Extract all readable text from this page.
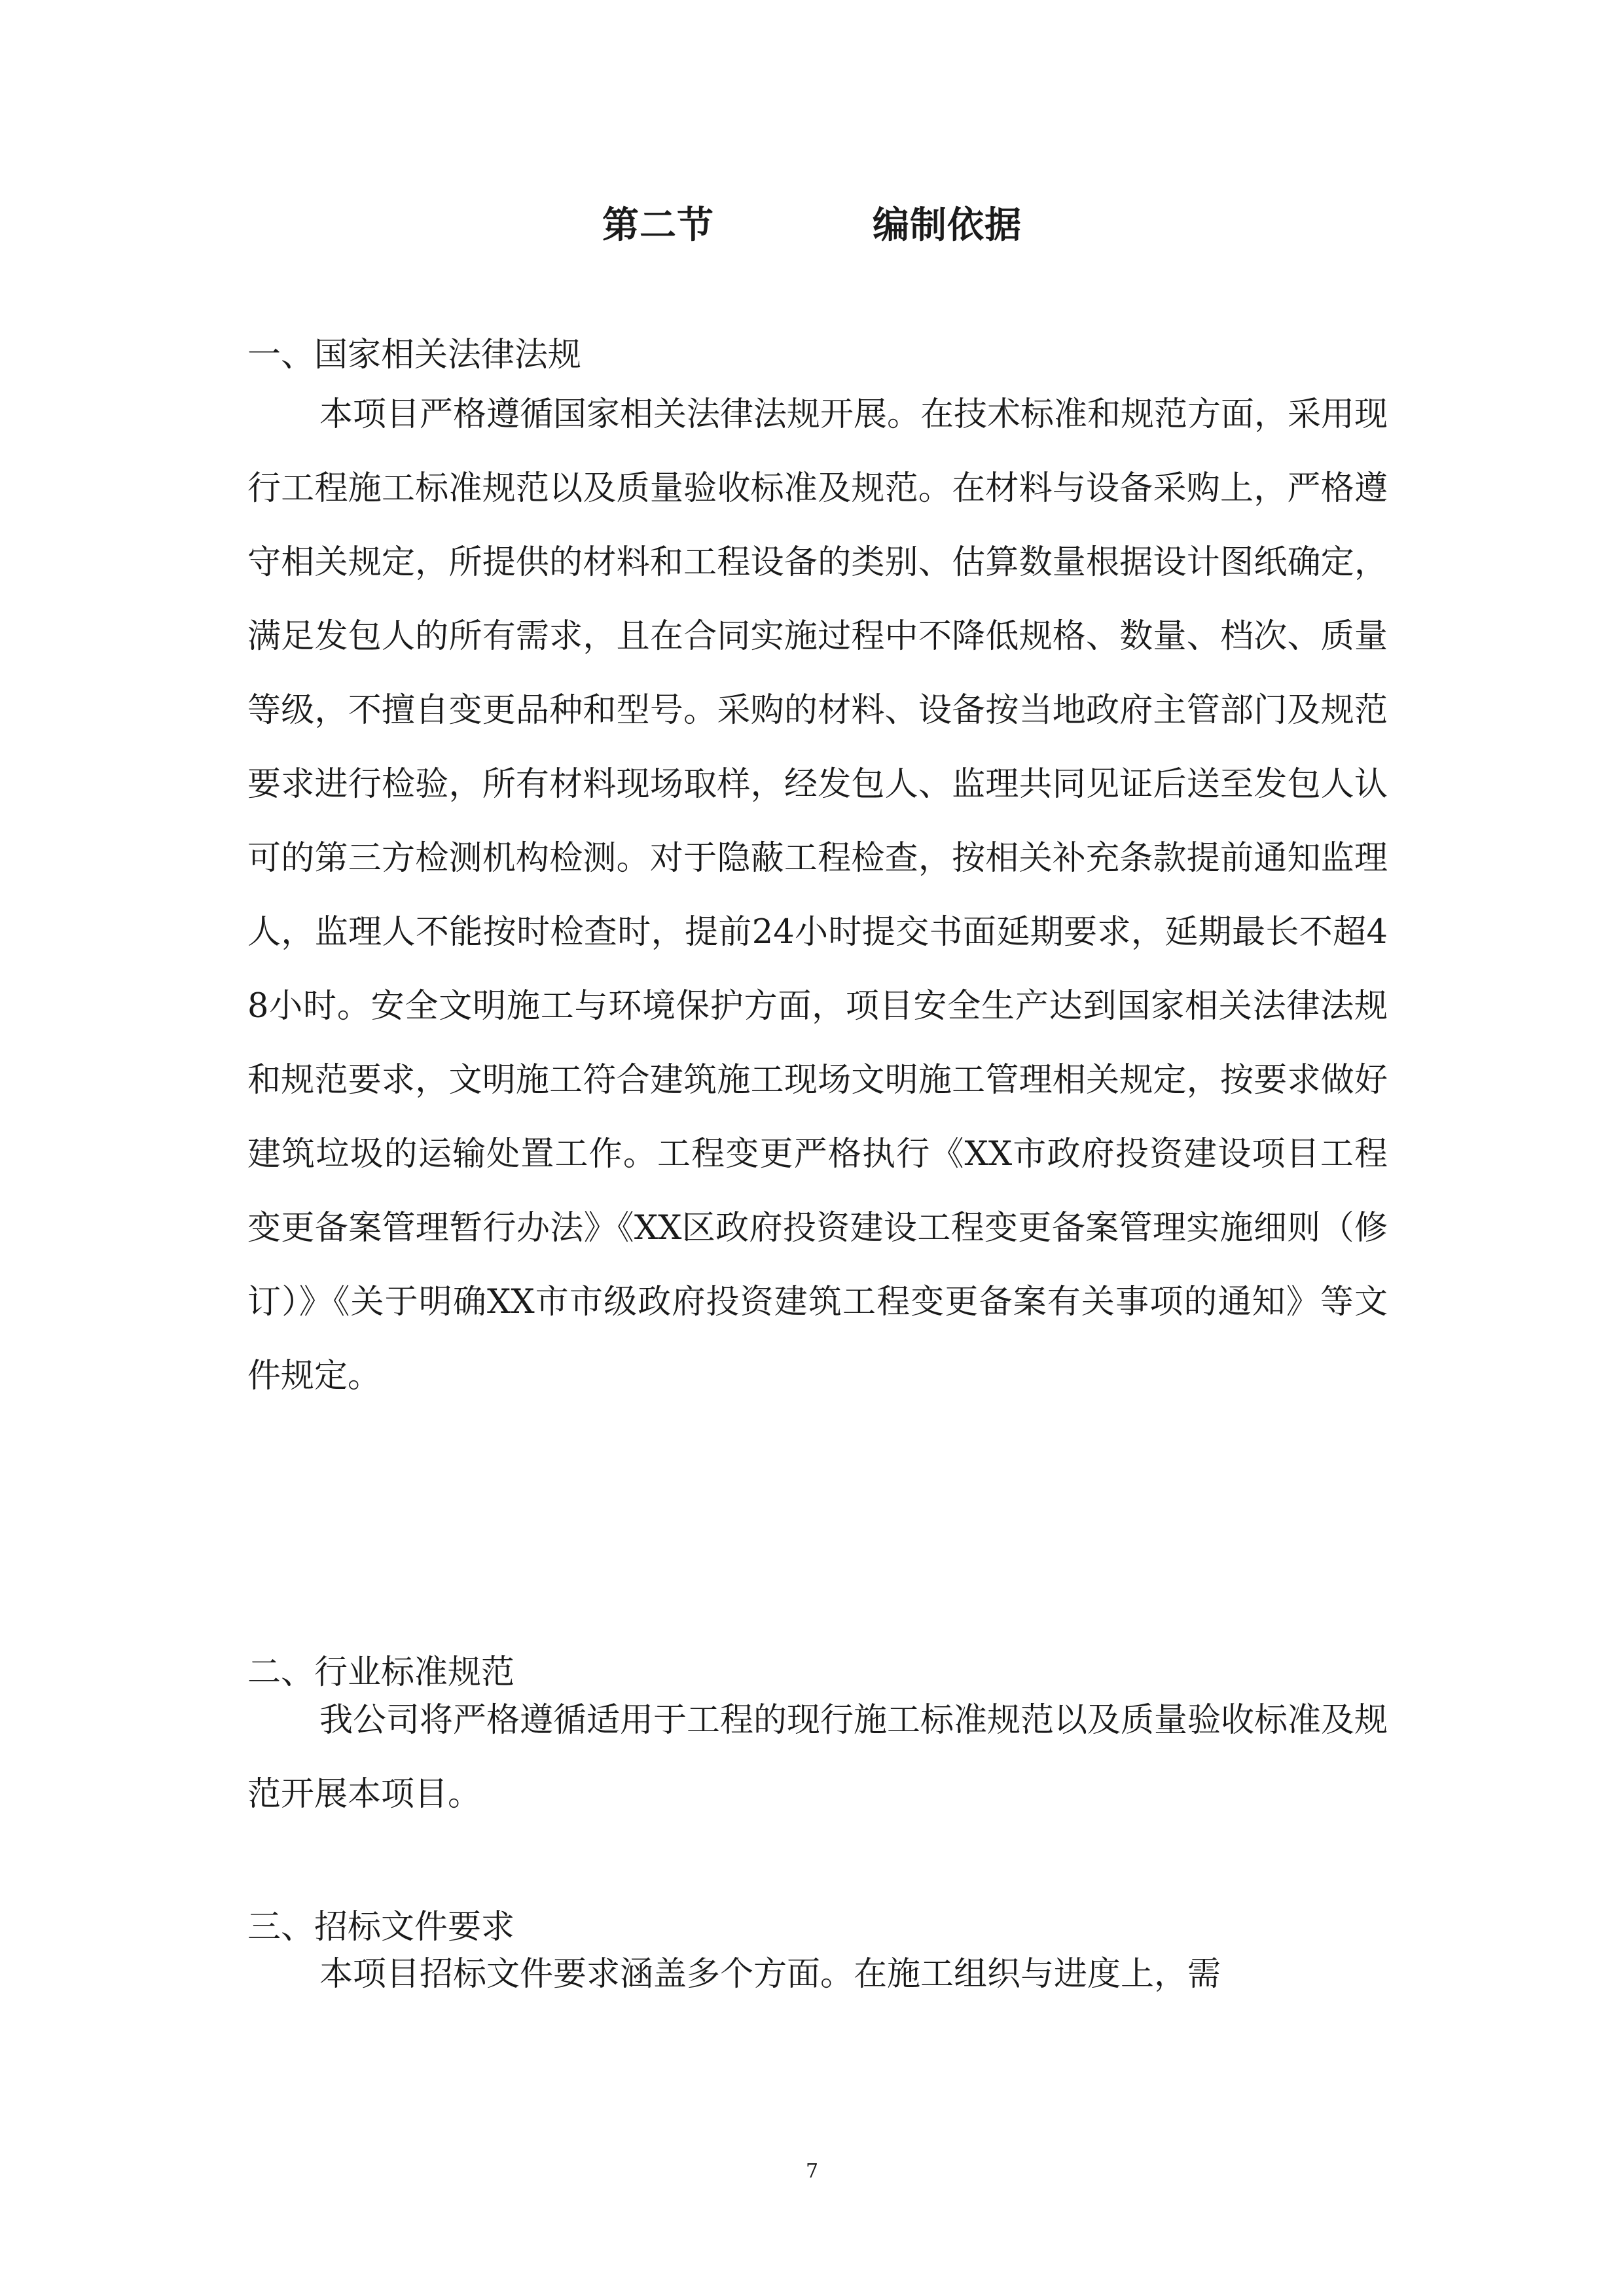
第二节    编制依据
一、国家相关法律法规
本项目严格遵循国家相关法律法规开展。在技术标准和规范方面，采用现行工程施工标准规范以及质量验收标准及规范。在材料与设备采购上，严格遵守相关规定，所提供的材料和工程设备的类别、估算数量根据设计图纸确定，满足发包人的所有需求，且在合同实施过程中不降低规格、数量、档次、质量等级，不擅自变更品种和型号。采购的材料、设备按当地政府主管部门及规范要求进行检验，所有材料现场取样，经发包人、监理共同见证后送至发包人认可的第三方检测机构检测。对于隐蔽工程检查，按相关补充条款提前通知监理人，监理人不能按时检查时，提前24小时提交书面延期要求，延期最长不超48小时。安全文明施工与环境保护方面，项目安全生产达到国家相关法律法规和规范要求，文明施工符合建筑施工现场文明施工管理相关规定，按要求做好建筑垃圾的运输处置工作。工程变更严格执行《XX市政府投资建设项目工程变更备案管理暂行办法》《XX区政府投资建设工程变更备案管理实施细则（修订）》《关于明确XX市市级政府投资建筑工程变更备案有关事项的通知》等文件规定。
二、行业标准规范
我公司将严格遵循适用于工程的现行施工标准规范以及质量验收标准及规范开展本项目。
三、招标文件要求
本项目招标文件要求涵盖多个方面。在施工组织与进度上，需
7
